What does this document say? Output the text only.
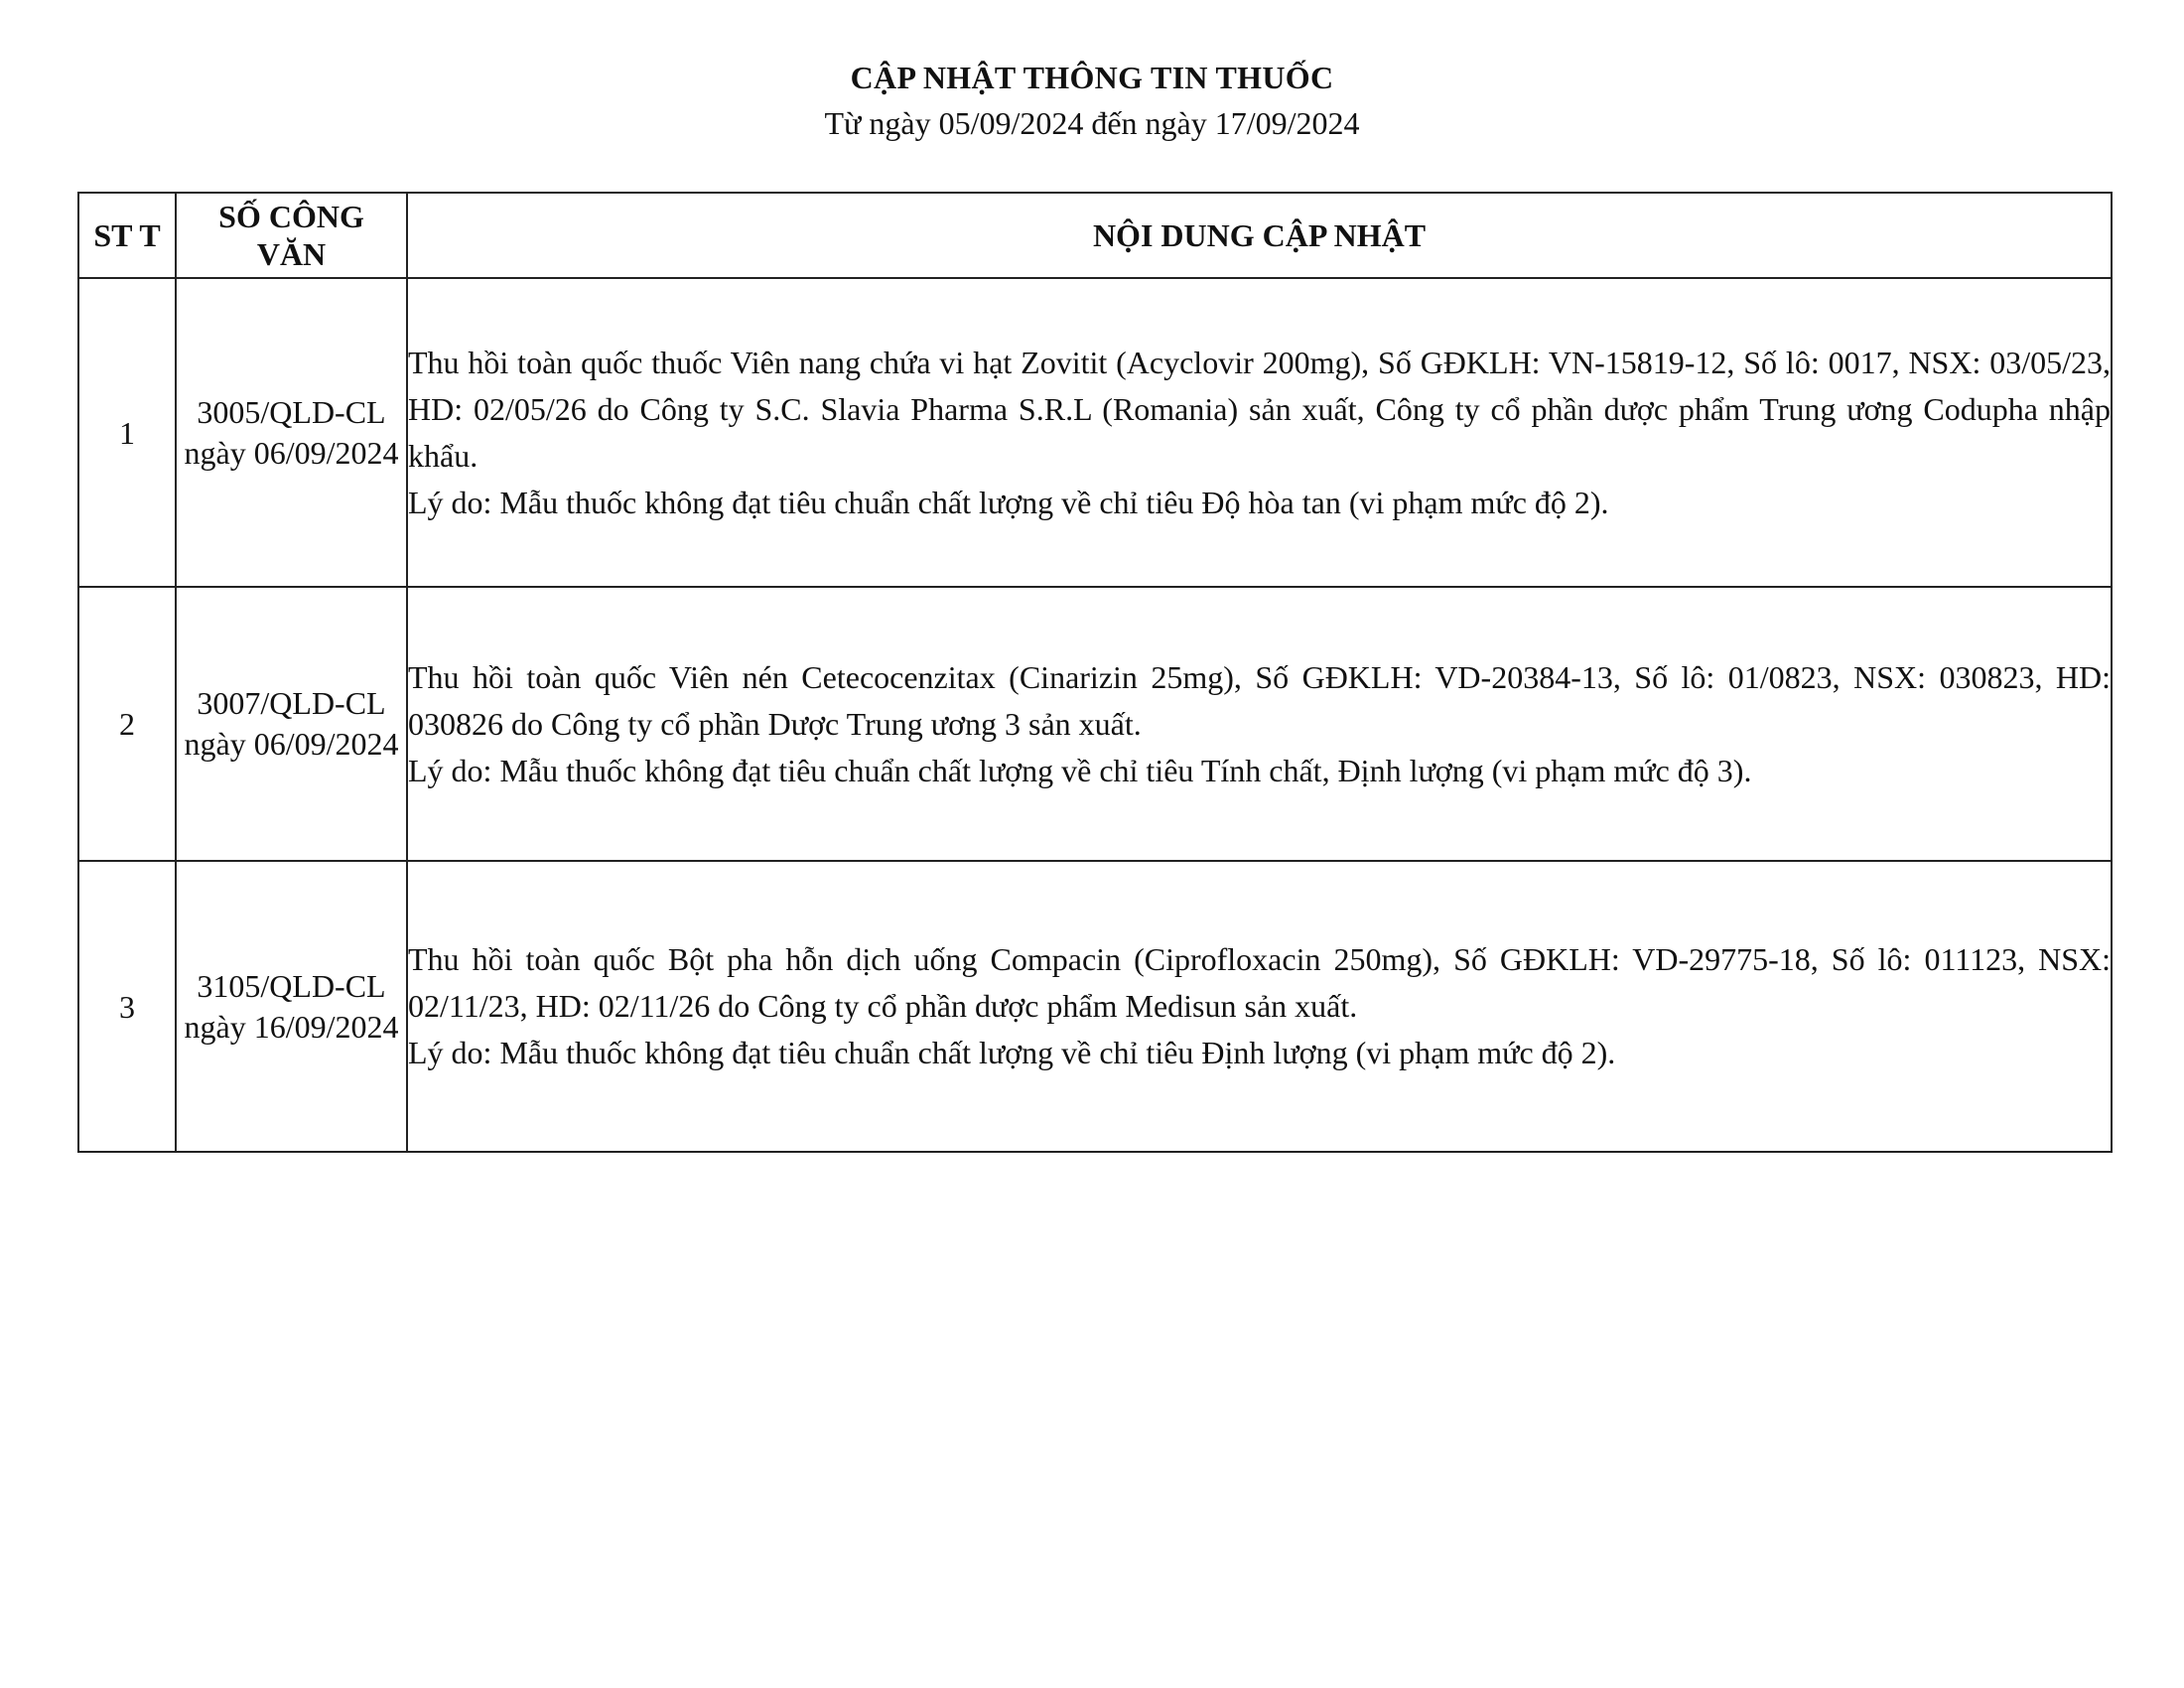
CẬP NHẬT THÔNG TIN THUỐC
Từ ngày 05/09/2024 đến ngày 17/09/2024
ST T	SỐ CÔNG VĂN	NỘI DUNG CẬP NHẬT
1	3005/QLD-CL ngày 06/09/2024	Thu hồi toàn quốc thuốc Viên nang chứa vi hạt Zovitit (Acyclovir 200mg), Số GĐKLH: VN-15819-12, Số lô: 0017, NSX: 03/05/23, HD: 02/05/26 do Công ty S.C. Slavia Pharma S.R.L (Romania) sản xuất, Công ty cổ phần dược phẩm Trung ương Codupha nhập khẩu.
Lý do: Mẫu thuốc không đạt tiêu chuẩn chất lượng về chỉ tiêu Độ hòa tan (vi phạm mức độ 2).

2	3007/QLD-CL ngày 06/09/2024	Thu hồi toàn quốc Viên nén Cetecocenzitax (Cinarizin 25mg), Số GĐKLH: VD-20384-13, Số lô: 01/0823, NSX: 030823, HD: 030826 do Công ty cổ phần Dược Trung ương 3 sản xuất.
Lý do: Mẫu thuốc không đạt tiêu chuẩn chất lượng về chỉ tiêu Tính chất, Định lượng (vi phạm mức độ 3).

3	3105/QLD-CL ngày 16/09/2024	Thu hồi toàn quốc Bột pha hỗn dịch uống Compacin (Ciprofloxacin 250mg), Số GĐKLH: VD-29775-18, Số lô: 011123, NSX: 02/11/23, HD: 02/11/26 do Công ty cổ phần dược phẩm Medisun sản xuất.
Lý do: Mẫu thuốc không đạt tiêu chuẩn chất lượng về chỉ tiêu Định lượng (vi phạm mức độ 2).
